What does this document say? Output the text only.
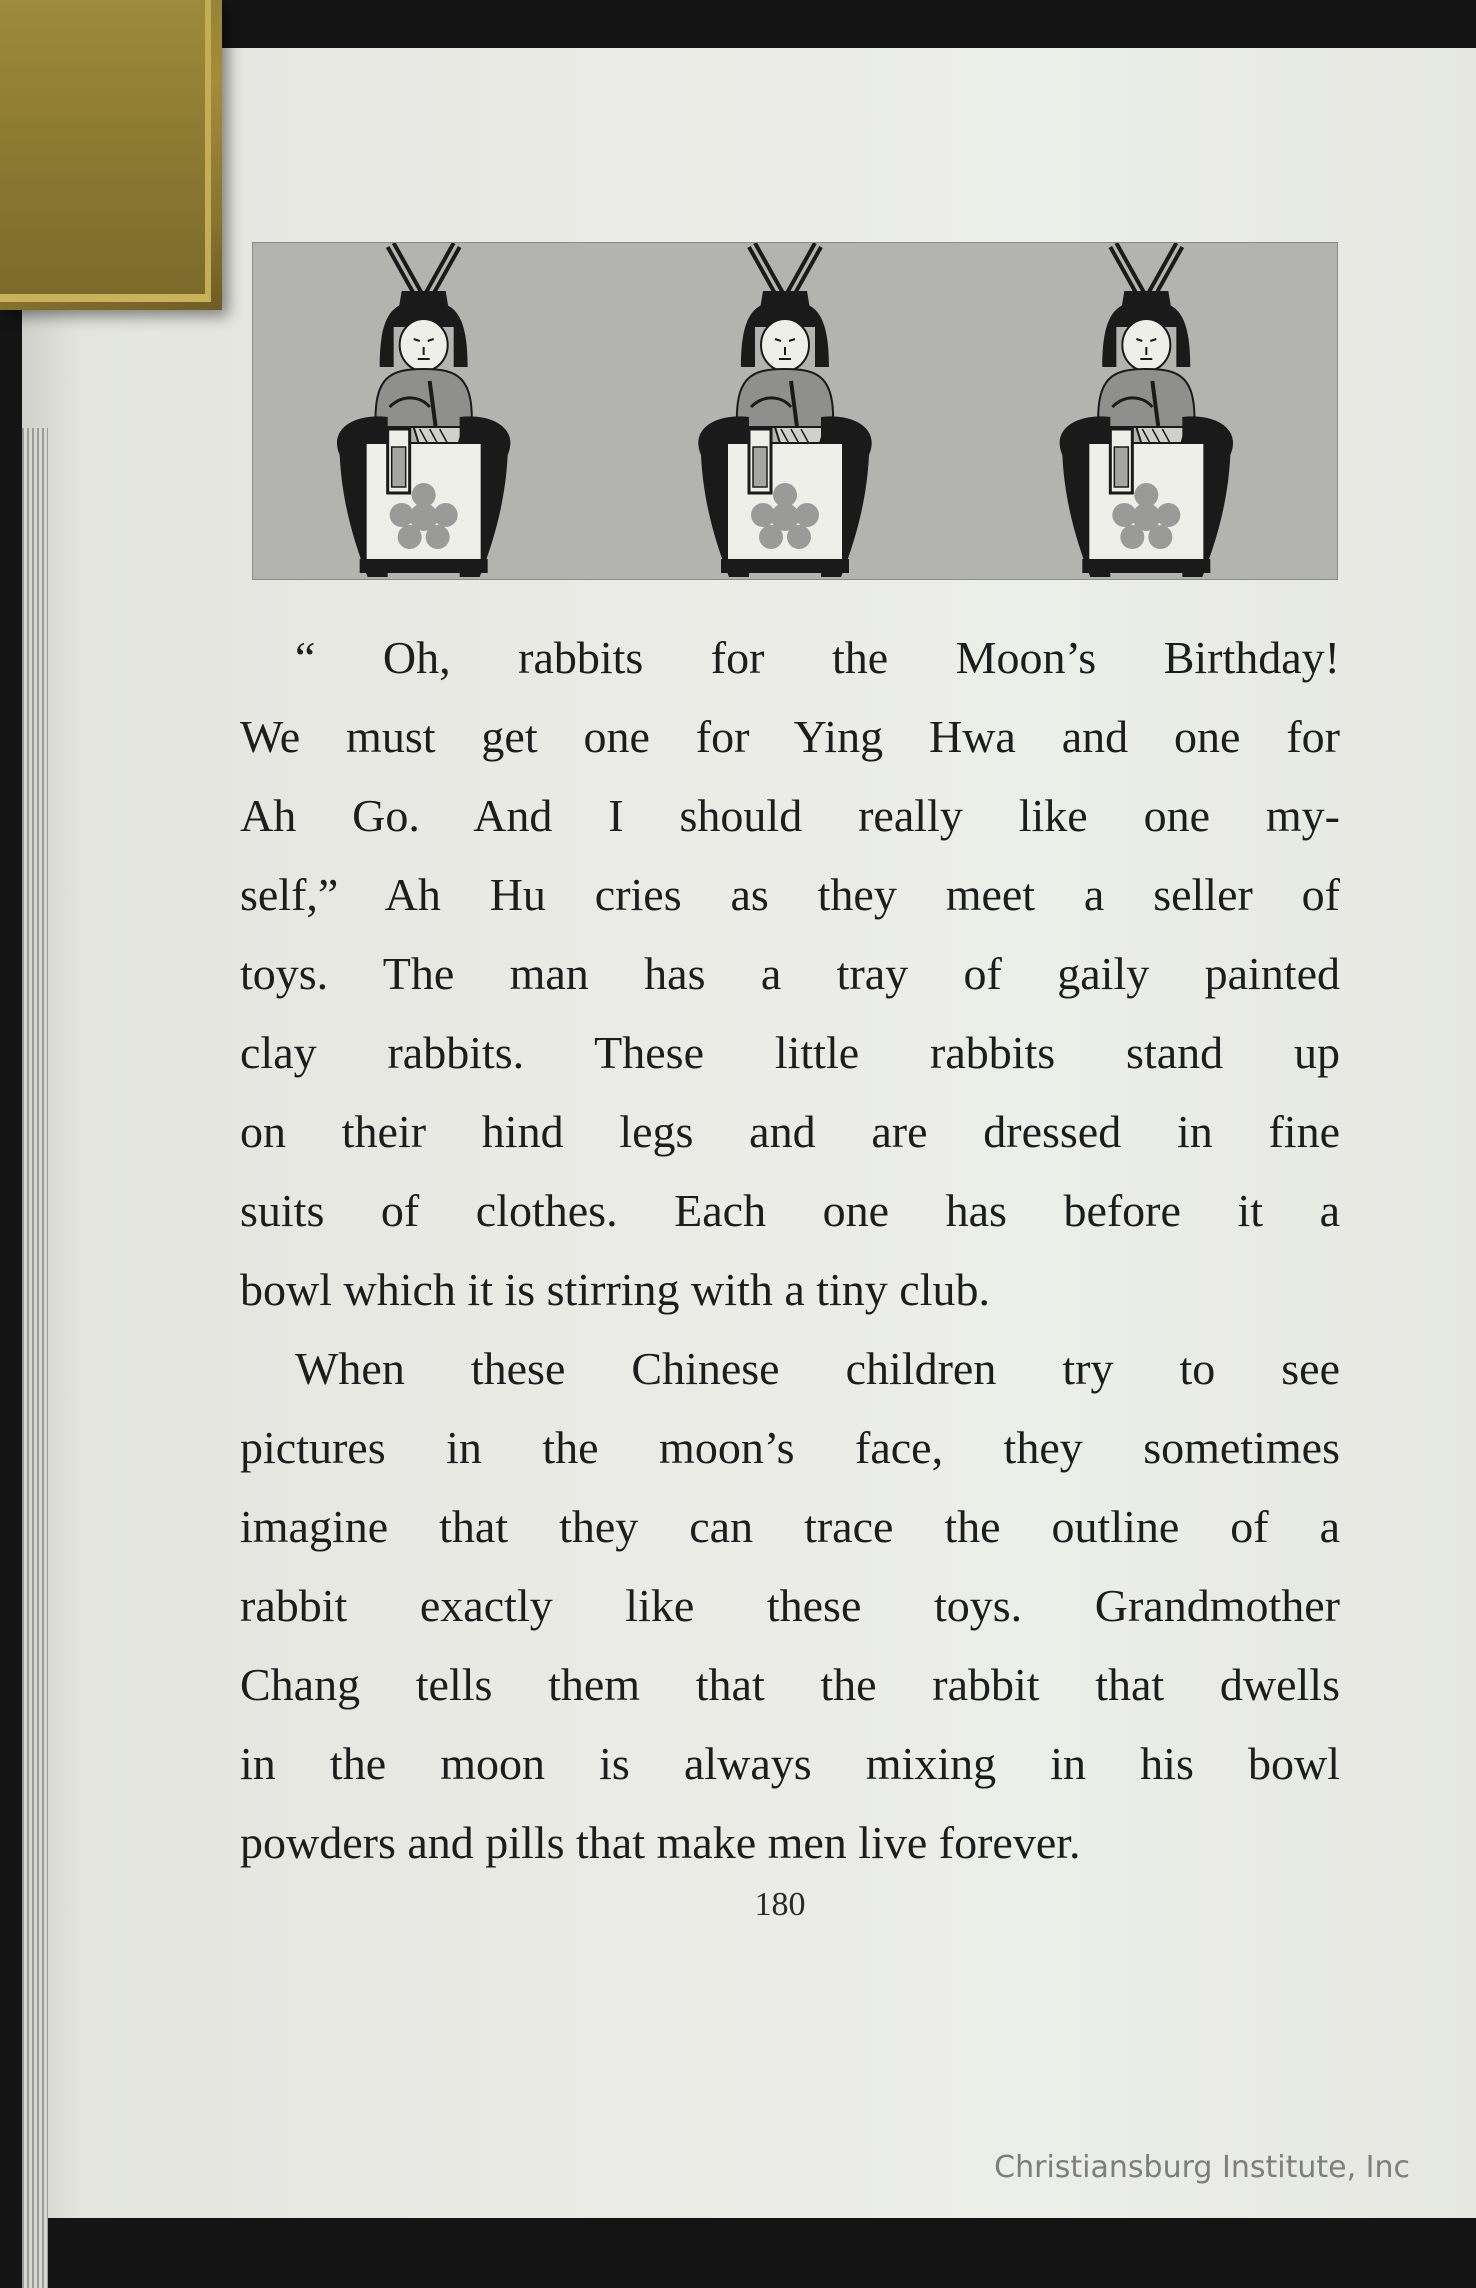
“ Oh, rabbits for the Moon’s Birthday!
We must get one for Ying Hwa and one for
Ah Go. And I should really like one my-
self,” Ah Hu cries as they meet a seller of
toys. The man has a tray of gaily painted
clay rabbits. These little rabbits stand up
on their hind legs and are dressed in fine
suits of clothes. Each one has before it a
bowl which it is stirring with a tiny club.
When these Chinese children try to see
pictures in the moon’s face, they sometimes
imagine that they can trace the outline of a
rabbit exactly like these toys. Grandmother
Chang tells them that the rabbit that dwells
in the moon is always mixing in his bowl
powders and pills that make men live forever.
180
Christiansburg Institute, Inc
